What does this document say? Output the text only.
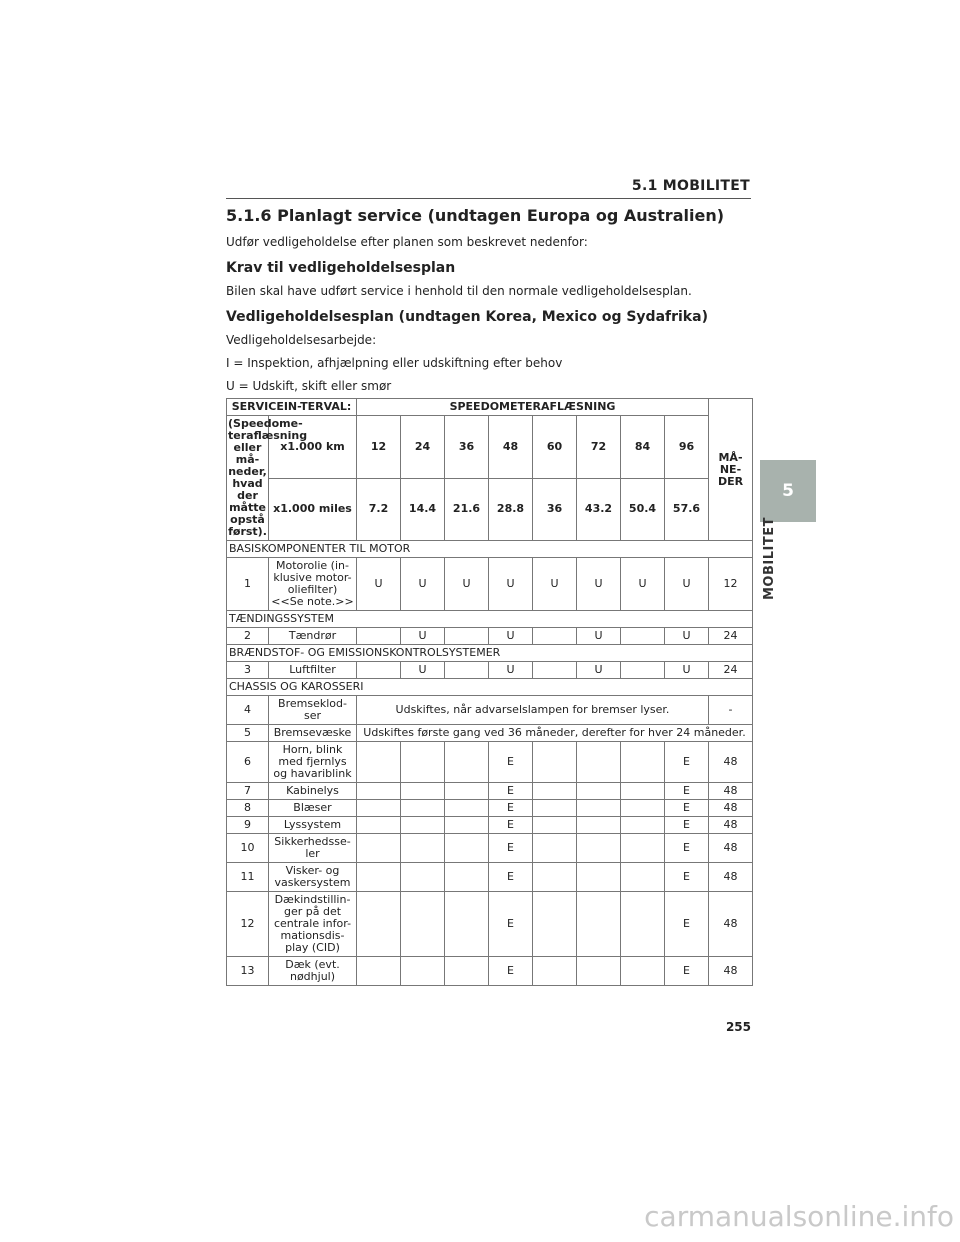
5.1 MOBILITET
5
MOBILITET
5.1.6 Planlagt service (undtagen Europa og Australien)

Udfør vedligeholdelse efter planen som beskrevet nedenfor:

Krav til vedligeholdelsesplan

Bilen skal have udført service i henhold til den normale vedligeholdelsesplan.

Vedligeholdelsesplan (undtagen Korea, Mexico og Sydafrika)

Vedligeholdelsesarbejde:

I = Inspektion, afhjælpning eller udskiftning efter behov

U = Udskift, skift eller smør

SERVICEIN-TERVAL:		SPEEDOMETERAFLÆSNING								MÅ-NE-DER
(Speedome-teraflæsning eller må-neder, hvad der måtte opstå først).	x1.000 km	12	24	36	48	60	72	84	96	
	x1.000 miles	7.2	14.4	21.6	28.8	36	43.2	50.4	57.6	
BASISKOMPONENTER TIL MOTOR										
1	Motorolie (in-klusive motor-oliefilter) <<Se note.>>	U	U	U	U	U	U	U	U	12
TÆNDINGSSYSTEM										
2	Tændrør		U		U		U		U	24
BRÆNDSTOF- OG EMISSIONSKONTROLSYSTEMER										
3	Luftfilter		U		U		U		U	24
CHASSIS OG KAROSSERI										
4	Bremseklod-ser	Udskiftes, når advarselslampen for bremser lyser.								-
5	Bremsevæske	Udskiftes første gang ved 36 måneder, derefter for hver 24 måneder.								
6	Horn, blink med fjernlys og havariblink				E				E	48
7	Kabinelys				E				E	48
8	Blæser				E				E	48
9	Lyssystem				E				E	48
10	Sikkerhedsse-ler				E				E	48
11	Visker- og vaskersystem				E				E	48
12	Dækindstillin-ger på det centrale infor-mationsdis-play (CID)				E				E	48
13	Dæk (evt. nødhjul)				E				E	48
255
carmanualsonline.info
